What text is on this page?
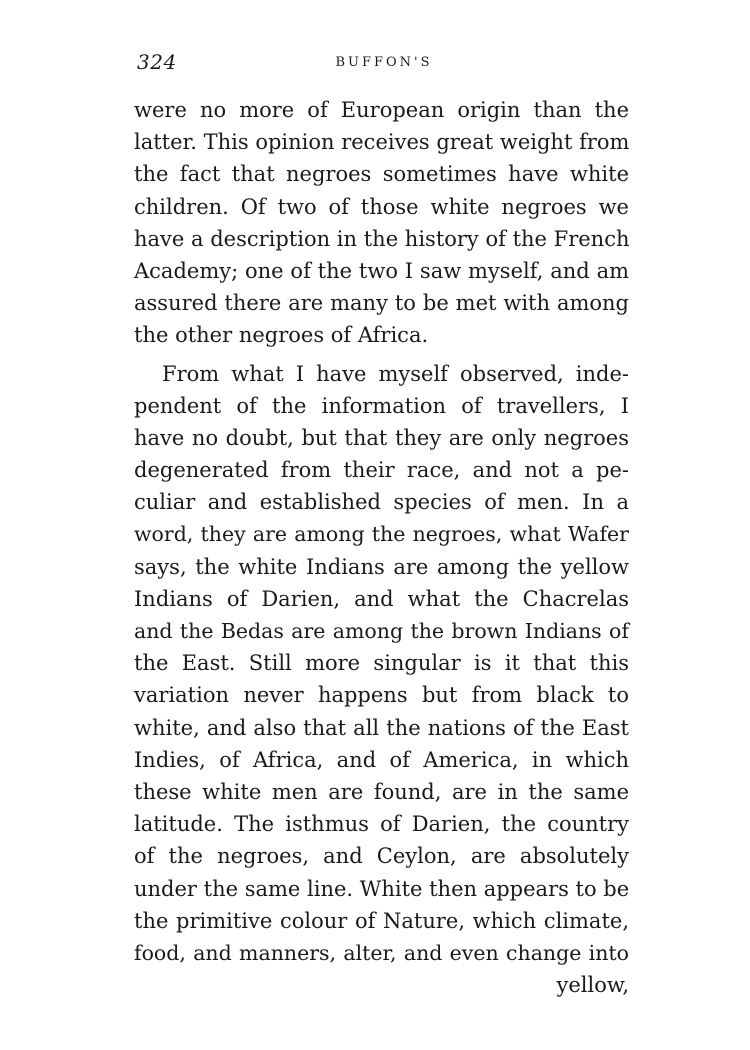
324	BUFFON'S
were no more of European origin than the
latter. This opinion receives great weight from
the fact that negroes sometimes have white
children. Of two of those white negroes we
have a description in the history of the French
Academy; one of the two I saw myself, and am
assured there are many to be met with among
the other negroes of Africa.
From what I have myself observed, inde-
pendent of the information of travellers, I
have no doubt, but that they are only negroes
degenerated from their race, and not a pe-
culiar and established species of men. In a
word, they are among the negroes, what Wafer
says, the white Indians are among the yellow
Indians of Darien, and what the Chacrelas
and the Bedas are among the brown Indians of
the East. Still more singular is it that this
variation never happens but from black to
white, and also that all the nations of the East
Indies, of Africa, and of America, in which
these white men are found, are in the same
latitude. The isthmus of Darien, the country
of the negroes, and Ceylon, are absolutely
under the same line. White then appears to be
the primitive colour of Nature, which climate,
food, and manners, alter, and even change into
yellow,
